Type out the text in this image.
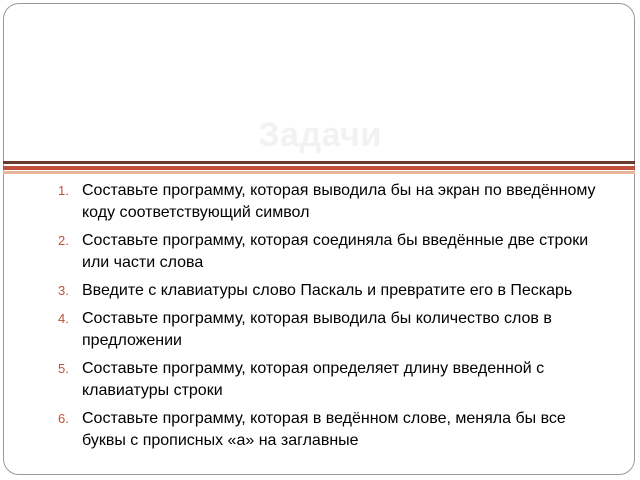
Задачи
1. Составьте программу, которая выводила бы на экран по введённому коду соответствующий символ
2. Составьте программу, которая соединяла бы введённые две строки или части слова
3. Введите с клавиатуры слово Паскаль и превратите его в Пескарь
4. Составьте программу, которая выводила бы количество слов в предложении
5. Составьте программу, которая определяет длину введенной с клавиатуры строки
6. Составьте программу, которая в ведённом слове, меняла бы все буквы с прописных «а» на заглавные
